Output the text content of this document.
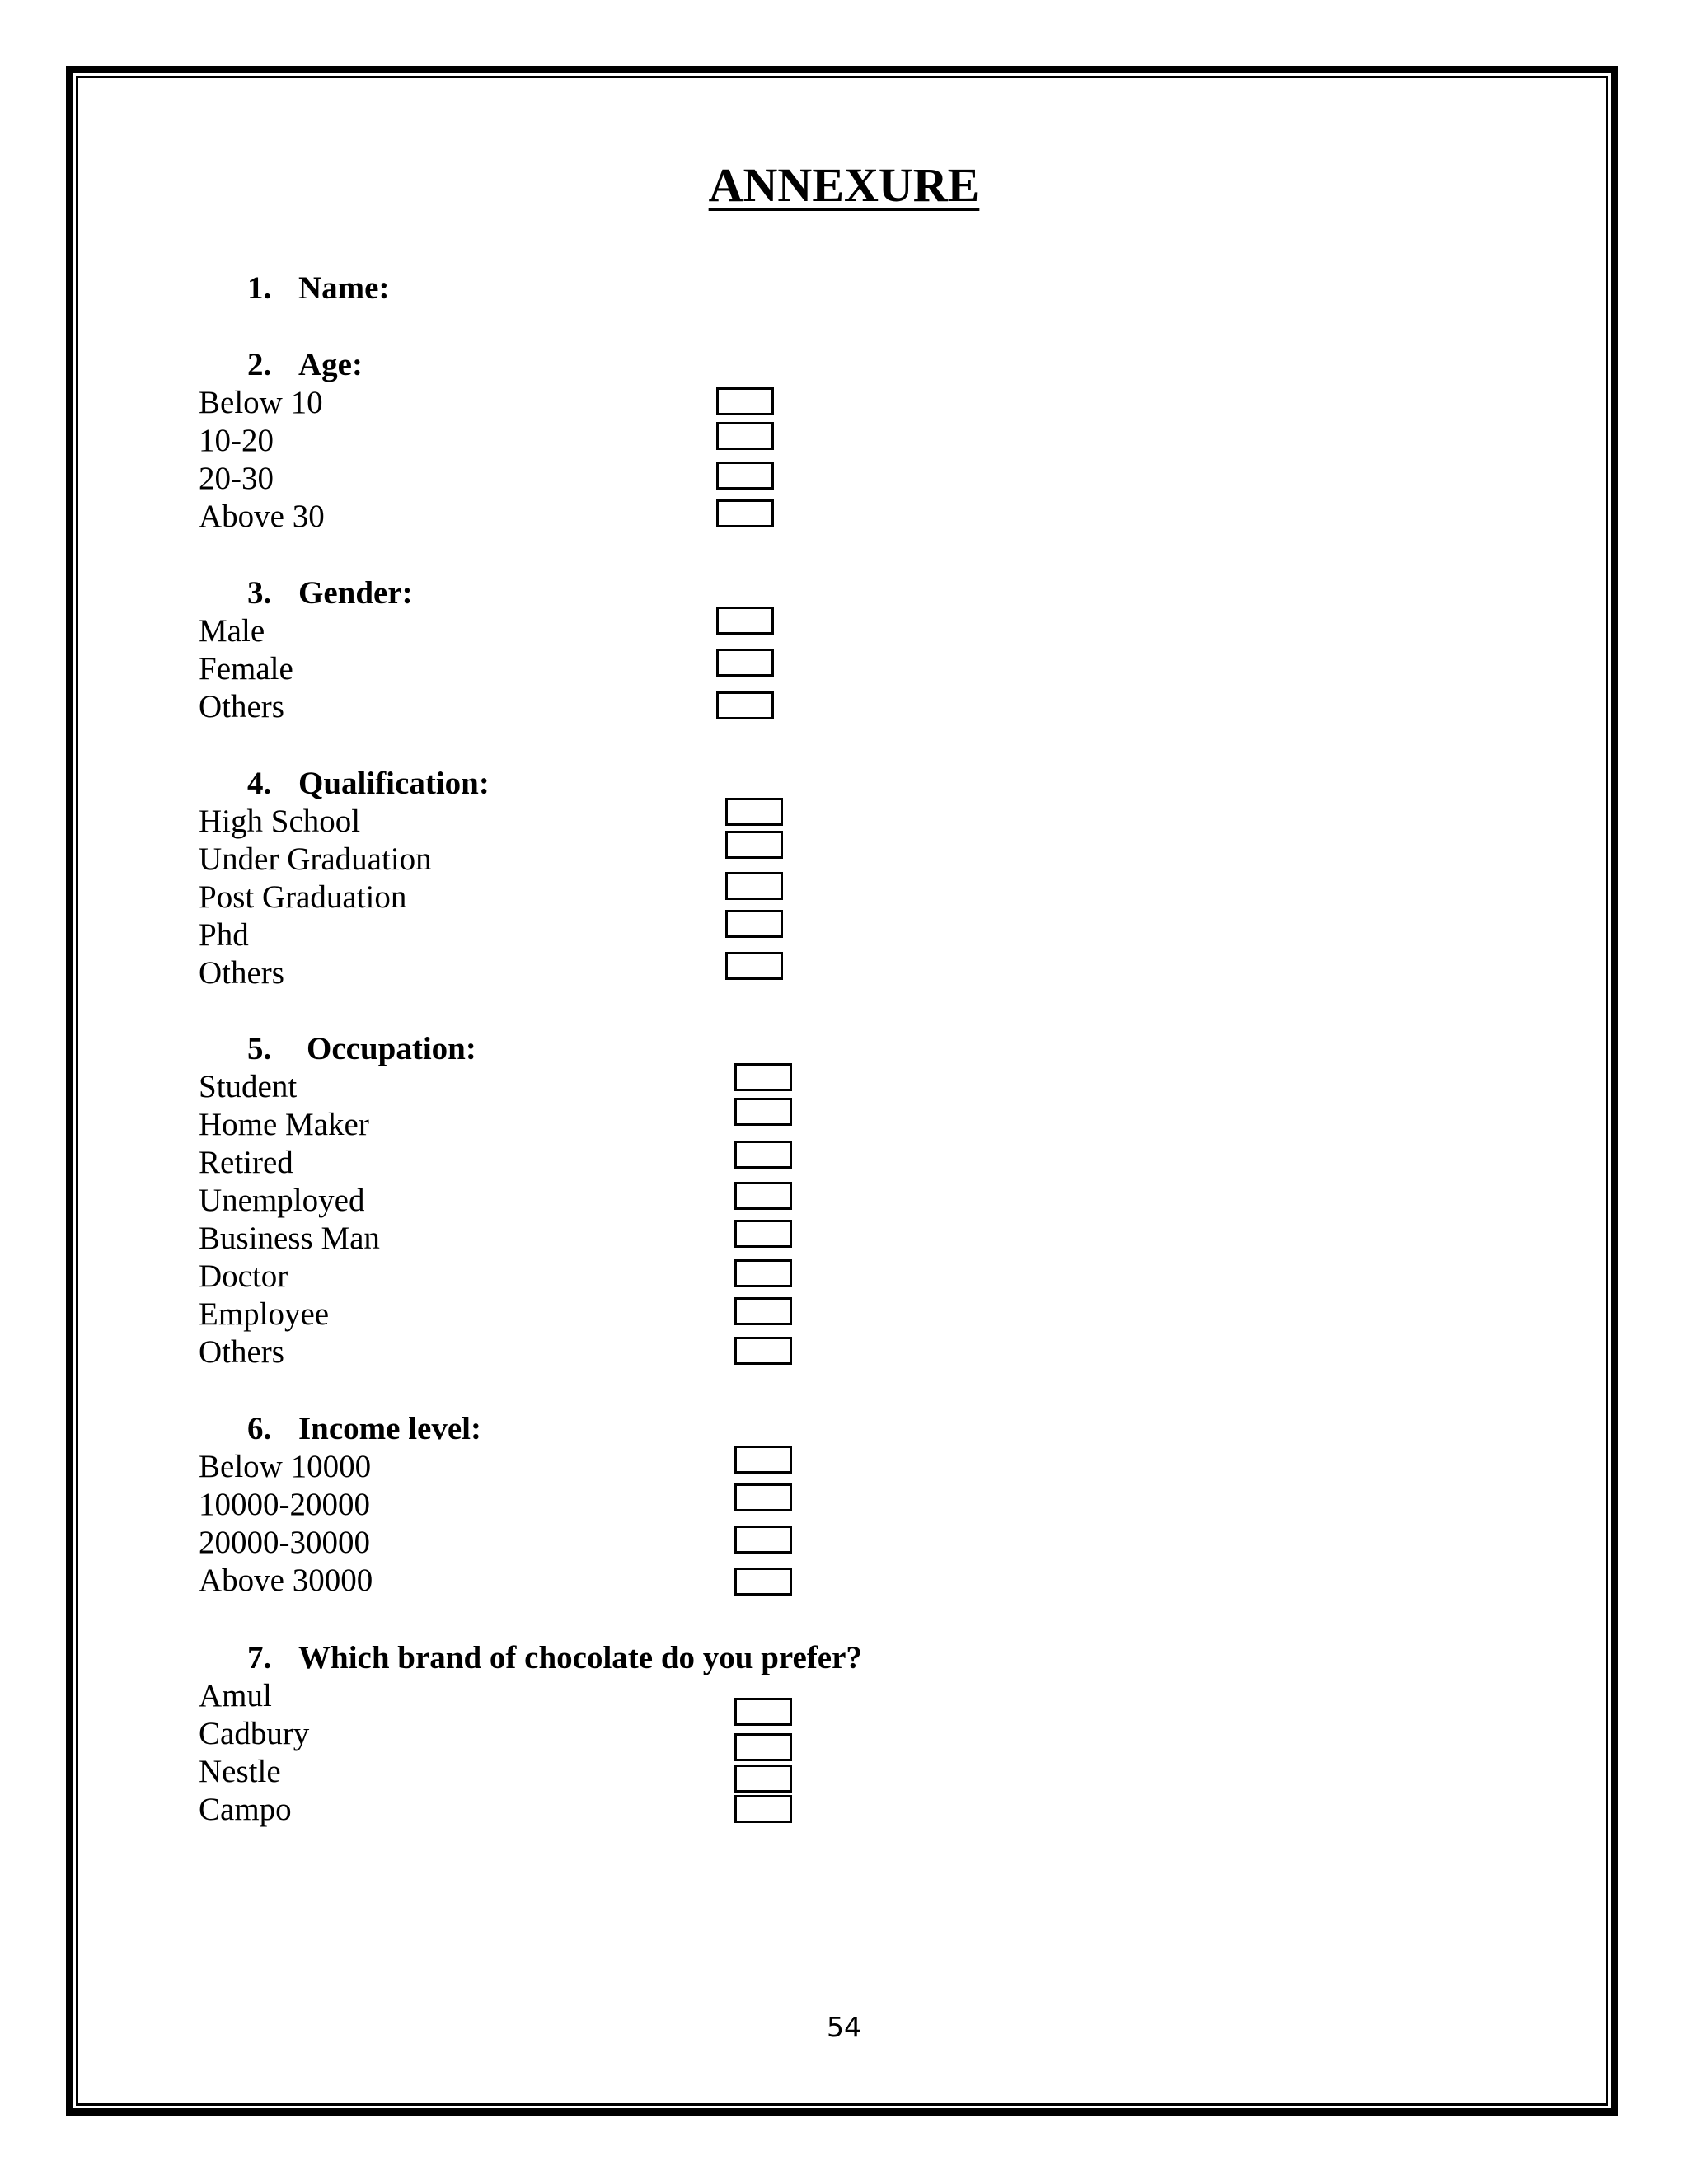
ANNEXURE
1. Name:
2. Age:
Below 10
10-20
20-30
Above 30
3. Gender:
Male
Female
Others
4. Qualification:
High School
Under Graduation
Post Graduation
Phd
Others
5. Occupation:
Student
Home Maker
Retired
Unemployed
Business Man
Doctor
Employee
Others
6. Income level:
Below 10000
10000-20000
20000-30000
Above 30000
7. Which brand of chocolate do you prefer?
Amul
Cadbury
Nestle
Campo
54
